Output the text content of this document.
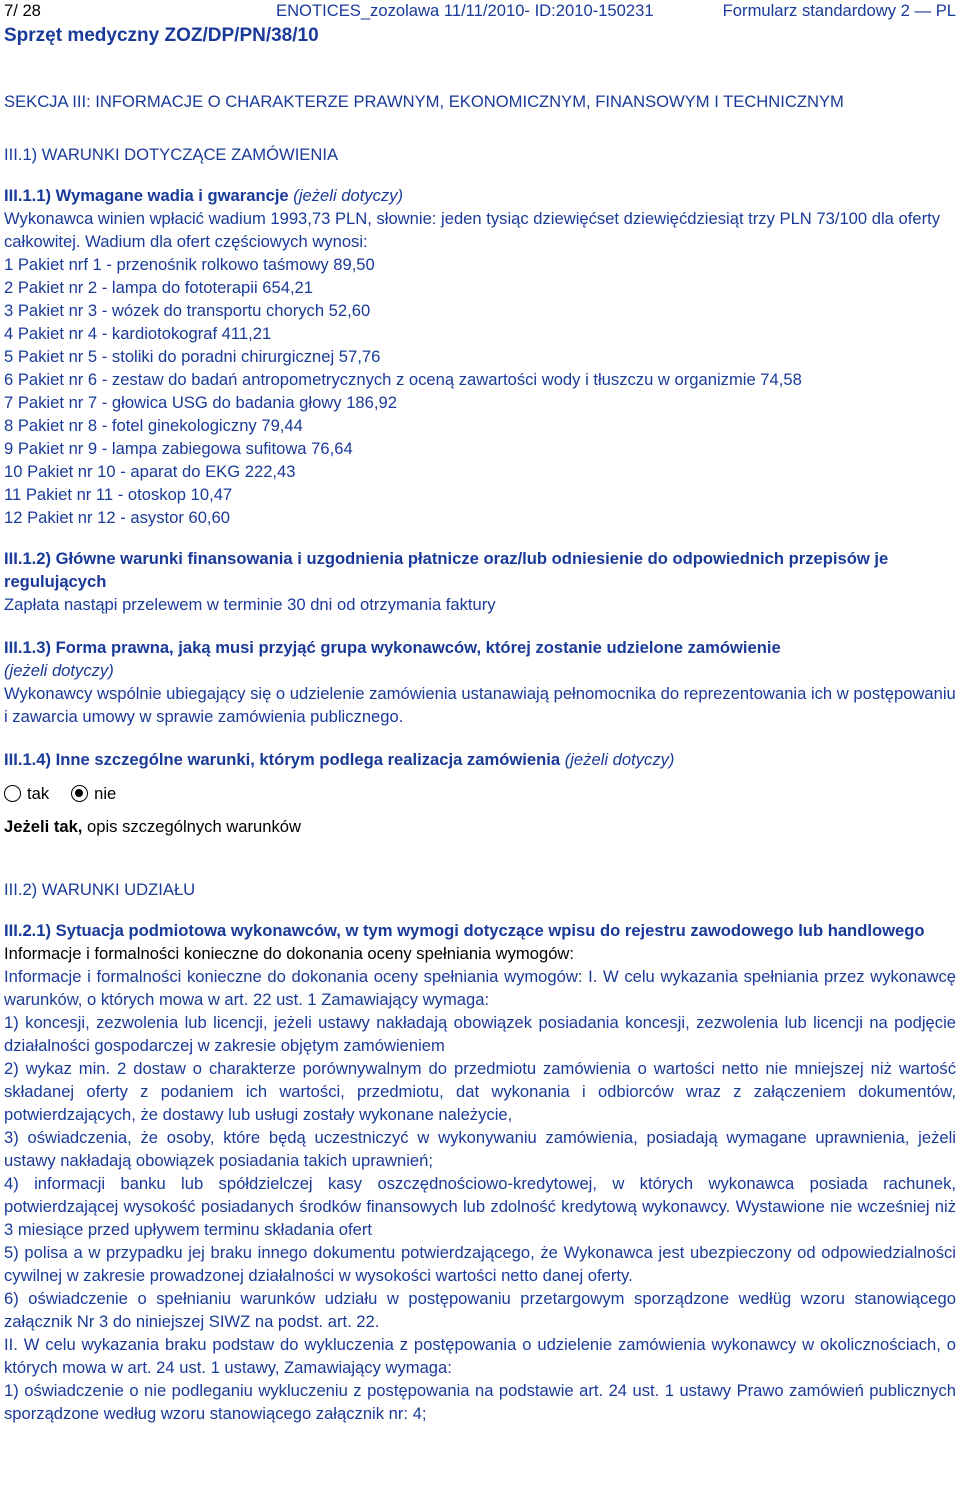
7/ 28	ENOTICES_zozolawa 11/11/2010- ID:2010-150231	Formularz standardowy 2 — PL
Sprzęt medyczny ZOZ/DP/PN/38/10

SEKCJA III: INFORMACJE O CHARAKTERZE PRAWNYM, EKONOMICZNYM, FINANSOWYM I TECHNICZNYM

III.1) WARUNKI DOTYCZĄCE ZAMÓWIENIA

III.1.1) Wymagane wadia i gwarancje (jeżeli dotyczy)

Wykonawca winien wpłacić wadium 1993,73 PLN, słownie: jeden tysiąc dziewięćset dziewięćdziesiąt trzy PLN 73/100 dla oferty całkowitej. Wadium dla ofert częściowych wynosi:

1 Pakiet nrf 1 - przenośnik rolkowo taśmowy 89,50

2 Pakiet nr 2 - lampa do fototerapii 654,21

3 Pakiet nr 3 - wózek do transportu chorych 52,60

4 Pakiet nr 4 - kardiotokograf 411,21

5 Pakiet nr 5 - stoliki do poradni chirurgicznej 57,76

6 Pakiet nr 6 - zestaw do badań antropometrycznych z oceną zawartości wody i tłuszczu w organizmie 74,58

7 Pakiet nr 7 - głowica USG do badania głowy 186,92

8 Pakiet nr 8 - fotel ginekologiczny 79,44

9 Pakiet nr 9 - lampa zabiegowa sufitowa 76,64

10 Pakiet nr 10 - aparat do EKG 222,43

11 Pakiet nr 11 - otoskop 10,47

12 Pakiet nr 12 - asystor 60,60

III.1.2) Główne warunki finansowania i uzgodnienia płatnicze oraz/lub odniesienie do odpowiednich przepisów je regulujących

Zapłata nastąpi przelewem w terminie 30 dni od otrzymania faktury

III.1.3) Forma prawna, jaką musi przyjąć grupa wykonawców, której zostanie udzielone zamówienie

(jeżeli dotyczy)

Wykonawcy wspólnie ubiegający się o udzielenie zamówienia ustanawiają pełnomocnika do reprezentowania ich w postępowaniu i zawarcia umowy w sprawie zamówienia publicznego.

III.1.4) Inne szczególne warunki, którym podlega realizacja zamówienia (jeżeli dotyczy)

tak	nie

Jeżeli tak, opis szczególnych warunków

III.2) WARUNKI UDZIAŁU

III.2.1) Sytuacja podmiotowa wykonawców, w tym wymogi dotyczące wpisu do rejestru zawodowego lub handlowego

Informacje i formalności konieczne do dokonania oceny spełniania wymogów:

Informacje i formalności konieczne do dokonania oceny spełniania wymogów: I. W celu wykazania spełniania przez wykonawcę warunków, o których mowa w art. 22 ust. 1 Zamawiający wymaga:

1) koncesji, zezwolenia lub licencji, jeżeli ustawy nakładają obowiązek posiadania koncesji, zezwolenia lub licencji na podjęcie działalności gospodarczej w zakresie objętym zamówieniem

2) wykaz min. 2 dostaw o charakterze porównywalnym do przedmiotu zamówienia o wartości netto nie mniejszej niż wartość składanej oferty z podaniem ich wartości, przedmiotu, dat wykonania i odbiorców wraz z załączeniem dokumentów, potwierdzających, że dostawy lub usługi zostały wykonane należycie,

3) oświadczenia, że osoby, które będą uczestniczyć w wykonywaniu zamówienia, posiadają wymagane uprawnienia, jeżeli ustawy nakładają obowiązek posiadania takich uprawnień;

4) informacji banku lub spółdzielczej kasy oszczędnościowo-kredytowej, w których wykonawca posiada rachunek, potwierdzającej wysokość posiadanych środków finansowych lub zdolność kredytową wykonawcy. Wystawione nie wcześniej niż 3 miesiące przed upływem terminu składania ofert

5) polisa a w przypadku jej braku innego dokumentu potwierdzającego, że Wykonawca jest ubezpieczony od odpowiedzialności cywilnej w zakresie prowadzonej działalności w wysokości wartości netto danej oferty.

6) oświadczenie o spełnianiu warunków udziału w postępowaniu przetargowym sporządzone wedłüg wzoru stanowiącego załącznik Nr 3 do niniejszej SIWZ na podst. art. 22.

II. W celu wykazania braku podstaw do wykluczenia z postępowania o udzielenie zamówienia wykonawcy w okolicznościach, o których mowa w art. 24 ust. 1 ustawy, Zamawiający wymaga:

1) oświadczenie o nie podleganiu wykluczeniu z postępowania na podstawie art. 24 ust. 1 ustawy Prawo zamówień publicznych sporządzone według wzoru stanowiącego załącznik nr: 4;
